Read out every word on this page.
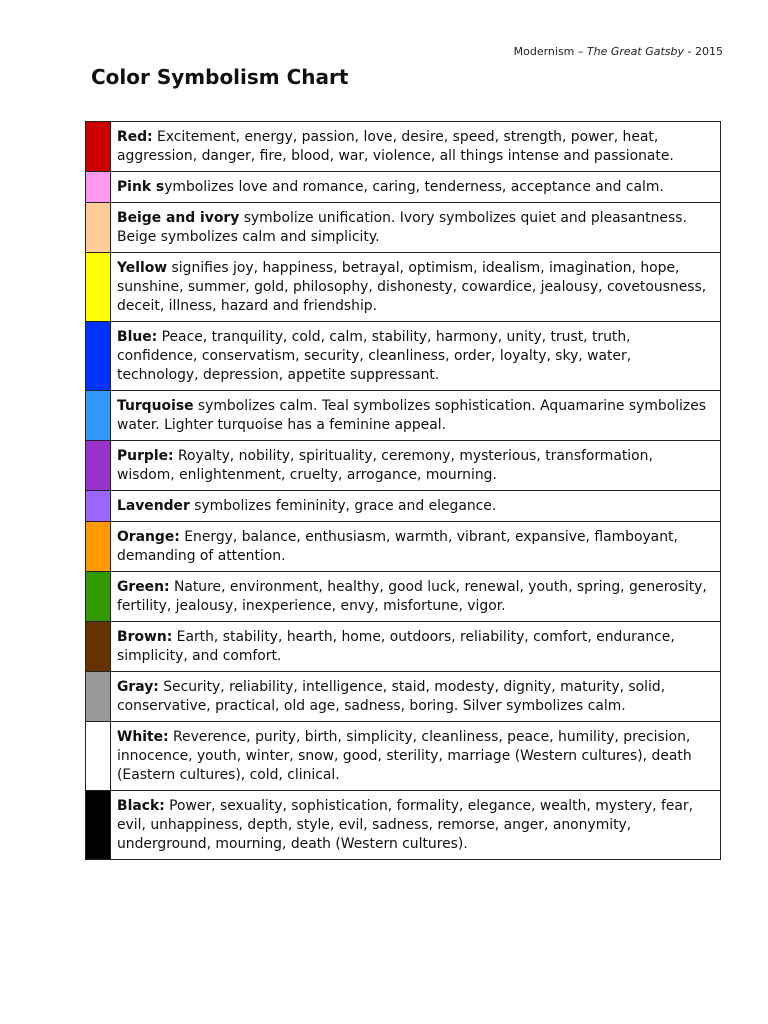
Modernism – The Great Gatsby - 2015
Color Symbolism Chart
	Red: Excitement, energy, passion, love, desire, speed, strength, power, heat, aggression, danger, fire, blood, war, violence, all things intense and passionate.
	Pink symbolizes love and romance, caring, tenderness, acceptance and calm.
	Beige and ivory symbolize unification. Ivory symbolizes quiet and pleasantness. Beige symbolizes calm and simplicity.
	Yellow signifies joy, happiness, betrayal, optimism, idealism, imagination, hope, sunshine, summer, gold, philosophy, dishonesty, cowardice, jealousy, covetousness, deceit, illness, hazard and friendship.
	Blue: Peace, tranquility, cold, calm, stability, harmony, unity, trust, truth, confidence, conservatism, security, cleanliness, order, loyalty, sky, water, technology, depression, appetite suppressant.
	Turquoise symbolizes calm. Teal symbolizes sophistication. Aquamarine symbolizes water. Lighter turquoise has a feminine appeal.
	Purple: Royalty, nobility, spirituality, ceremony, mysterious, transformation, wisdom, enlightenment, cruelty, arrogance, mourning.
	Lavender symbolizes femininity, grace and elegance.
	Orange: Energy, balance, enthusiasm, warmth, vibrant, expansive, flamboyant, demanding of attention.
	Green: Nature, environment, healthy, good luck, renewal, youth, spring, generosity, fertility, jealousy, inexperience, envy, misfortune, vigor.
	Brown: Earth, stability, hearth, home, outdoors, reliability, comfort, endurance, simplicity, and comfort.
	Gray: Security, reliability, intelligence, staid, modesty, dignity, maturity, solid, conservative, practical, old age, sadness, boring. Silver symbolizes calm.
	White: Reverence, purity, birth, simplicity, cleanliness, peace, humility, precision, innocence, youth, winter, snow, good, sterility, marriage (Western cultures), death (Eastern cultures), cold, clinical.
	Black: Power, sexuality, sophistication, formality, elegance, wealth, mystery, fear, evil, unhappiness, depth, style, evil, sadness, remorse, anger, anonymity, underground, mourning, death (Western cultures).
